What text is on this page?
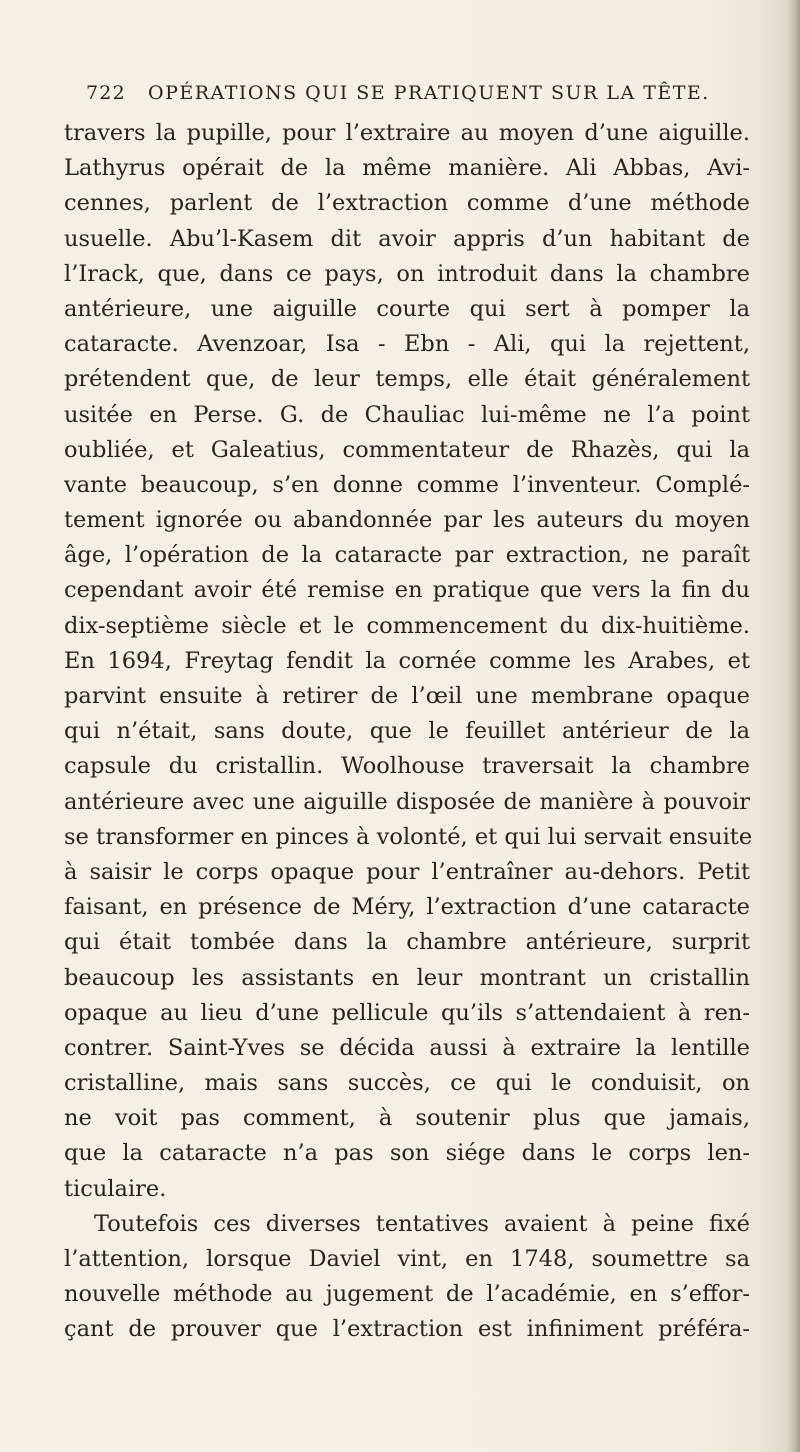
722 OPÉRATIONS QUI SE PRATIQUENT SUR LA TÊTE.
travers la pupille, pour l’extraire au moyen d’une aiguille.
Lathyrus opérait de la même manière. Ali Abbas, Avi-
cennes, parlent de l’extraction comme d’une méthode
usuelle. Abu’l-Kasem dit avoir appris d’un habitant de
l’Irack, que, dans ce pays, on introduit dans la chambre
antérieure, une aiguille courte qui sert à pomper la
cataracte. Avenzoar, Isa - Ebn - Ali, qui la rejettent,
prétendent que, de leur temps, elle était généralement
usitée en Perse. G. de Chauliac lui-même ne l’a point
oubliée, et Galeatius, commentateur de Rhazès, qui la
vante beaucoup, s’en donne comme l’inventeur. Complé-
tement ignorée ou abandonnée par les auteurs du moyen
âge, l’opération de la cataracte par extraction, ne paraît
cependant avoir été remise en pratique que vers la fin du
dix-septième siècle et le commencement du dix-huitième.
En 1694, Freytag fendit la cornée comme les Arabes, et
parvint ensuite à retirer de l’œil une membrane opaque
qui n’était, sans doute, que le feuillet antérieur de la
capsule du cristallin. Woolhouse traversait la chambre
antérieure avec une aiguille disposée de manière à pouvoir
se transformer en pinces à volonté, et qui lui servait ensuite
à saisir le corps opaque pour l’entraîner au-dehors. Petit
faisant, en présence de Méry, l’extraction d’une cataracte
qui était tombée dans la chambre antérieure, surprit
beaucoup les assistants en leur montrant un cristallin
opaque au lieu d’une pellicule qu’ils s’attendaient à ren-
contrer. Saint-Yves se décida aussi à extraire la lentille
cristalline, mais sans succès, ce qui le conduisit, on
ne voit pas comment, à soutenir plus que jamais,
que la cataracte n’a pas son siége dans le corps len-
ticulaire.
Toutefois ces diverses tentatives avaient à peine fixé
l’attention, lorsque Daviel vint, en 1748, soumettre sa
nouvelle méthode au jugement de l’académie, en s’effor-
çant de prouver que l’extraction est infiniment préféra-
